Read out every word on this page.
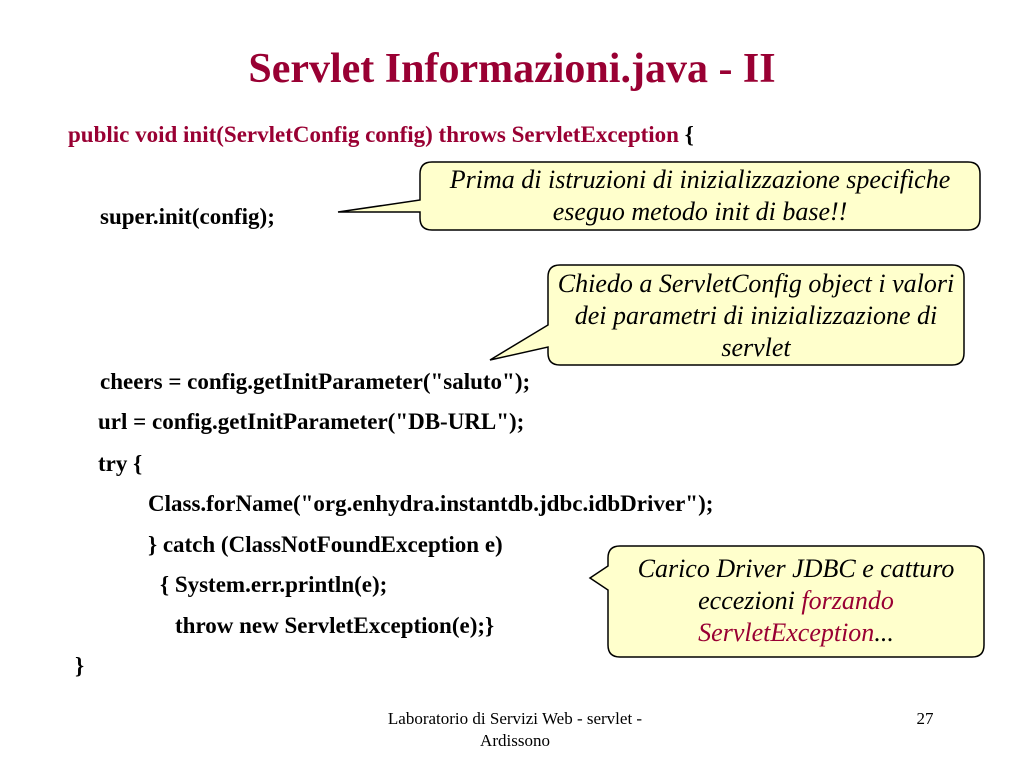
Servlet Informazioni.java - II
public void init(ServletConfig config) throws ServletException {
super.init(config);
cheers = config.getInitParameter("saluto");
url = config.getInitParameter("DB-URL");
try {
Class.forName("org.enhydra.instantdb.jdbc.idbDriver");
} catch (ClassNotFoundException e)
{ System.err.println(e);
throw new ServletException(e);}
}
Prima di istruzioni di inizializzazione specifiche eseguo metodo init di base!!
Chiedo a ServletConfig object i valori dei parametri di inizializzazione di servlet
Carico Driver JDBC e catturo eccezioni forzando ServletException...
Laboratorio di Servizi Web - servlet - Ardissono
27
